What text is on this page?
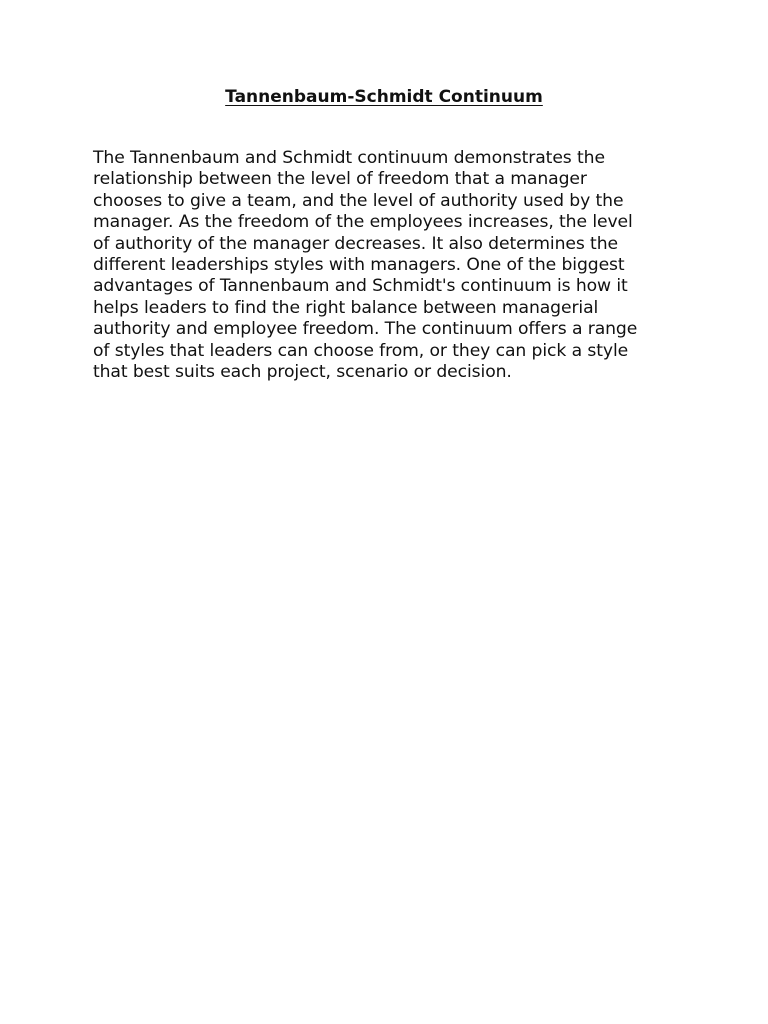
Tannenbaum-Schmidt Continuum

The Tannenbaum and Schmidt continuum demonstrates the
relationship between the level of freedom that a manager
chooses to give a team, and the level of authority used by the
manager. As the freedom of the employees increases, the level
of authority of the manager decreases. It also determines the
different leaderships styles with managers. One of the biggest
advantages of Tannenbaum and Schmidt's continuum is how it
helps leaders to find the right balance between managerial
authority and employee freedom. The continuum offers a range
of styles that leaders can choose from, or they can pick a style
that best suits each project, scenario or decision.
